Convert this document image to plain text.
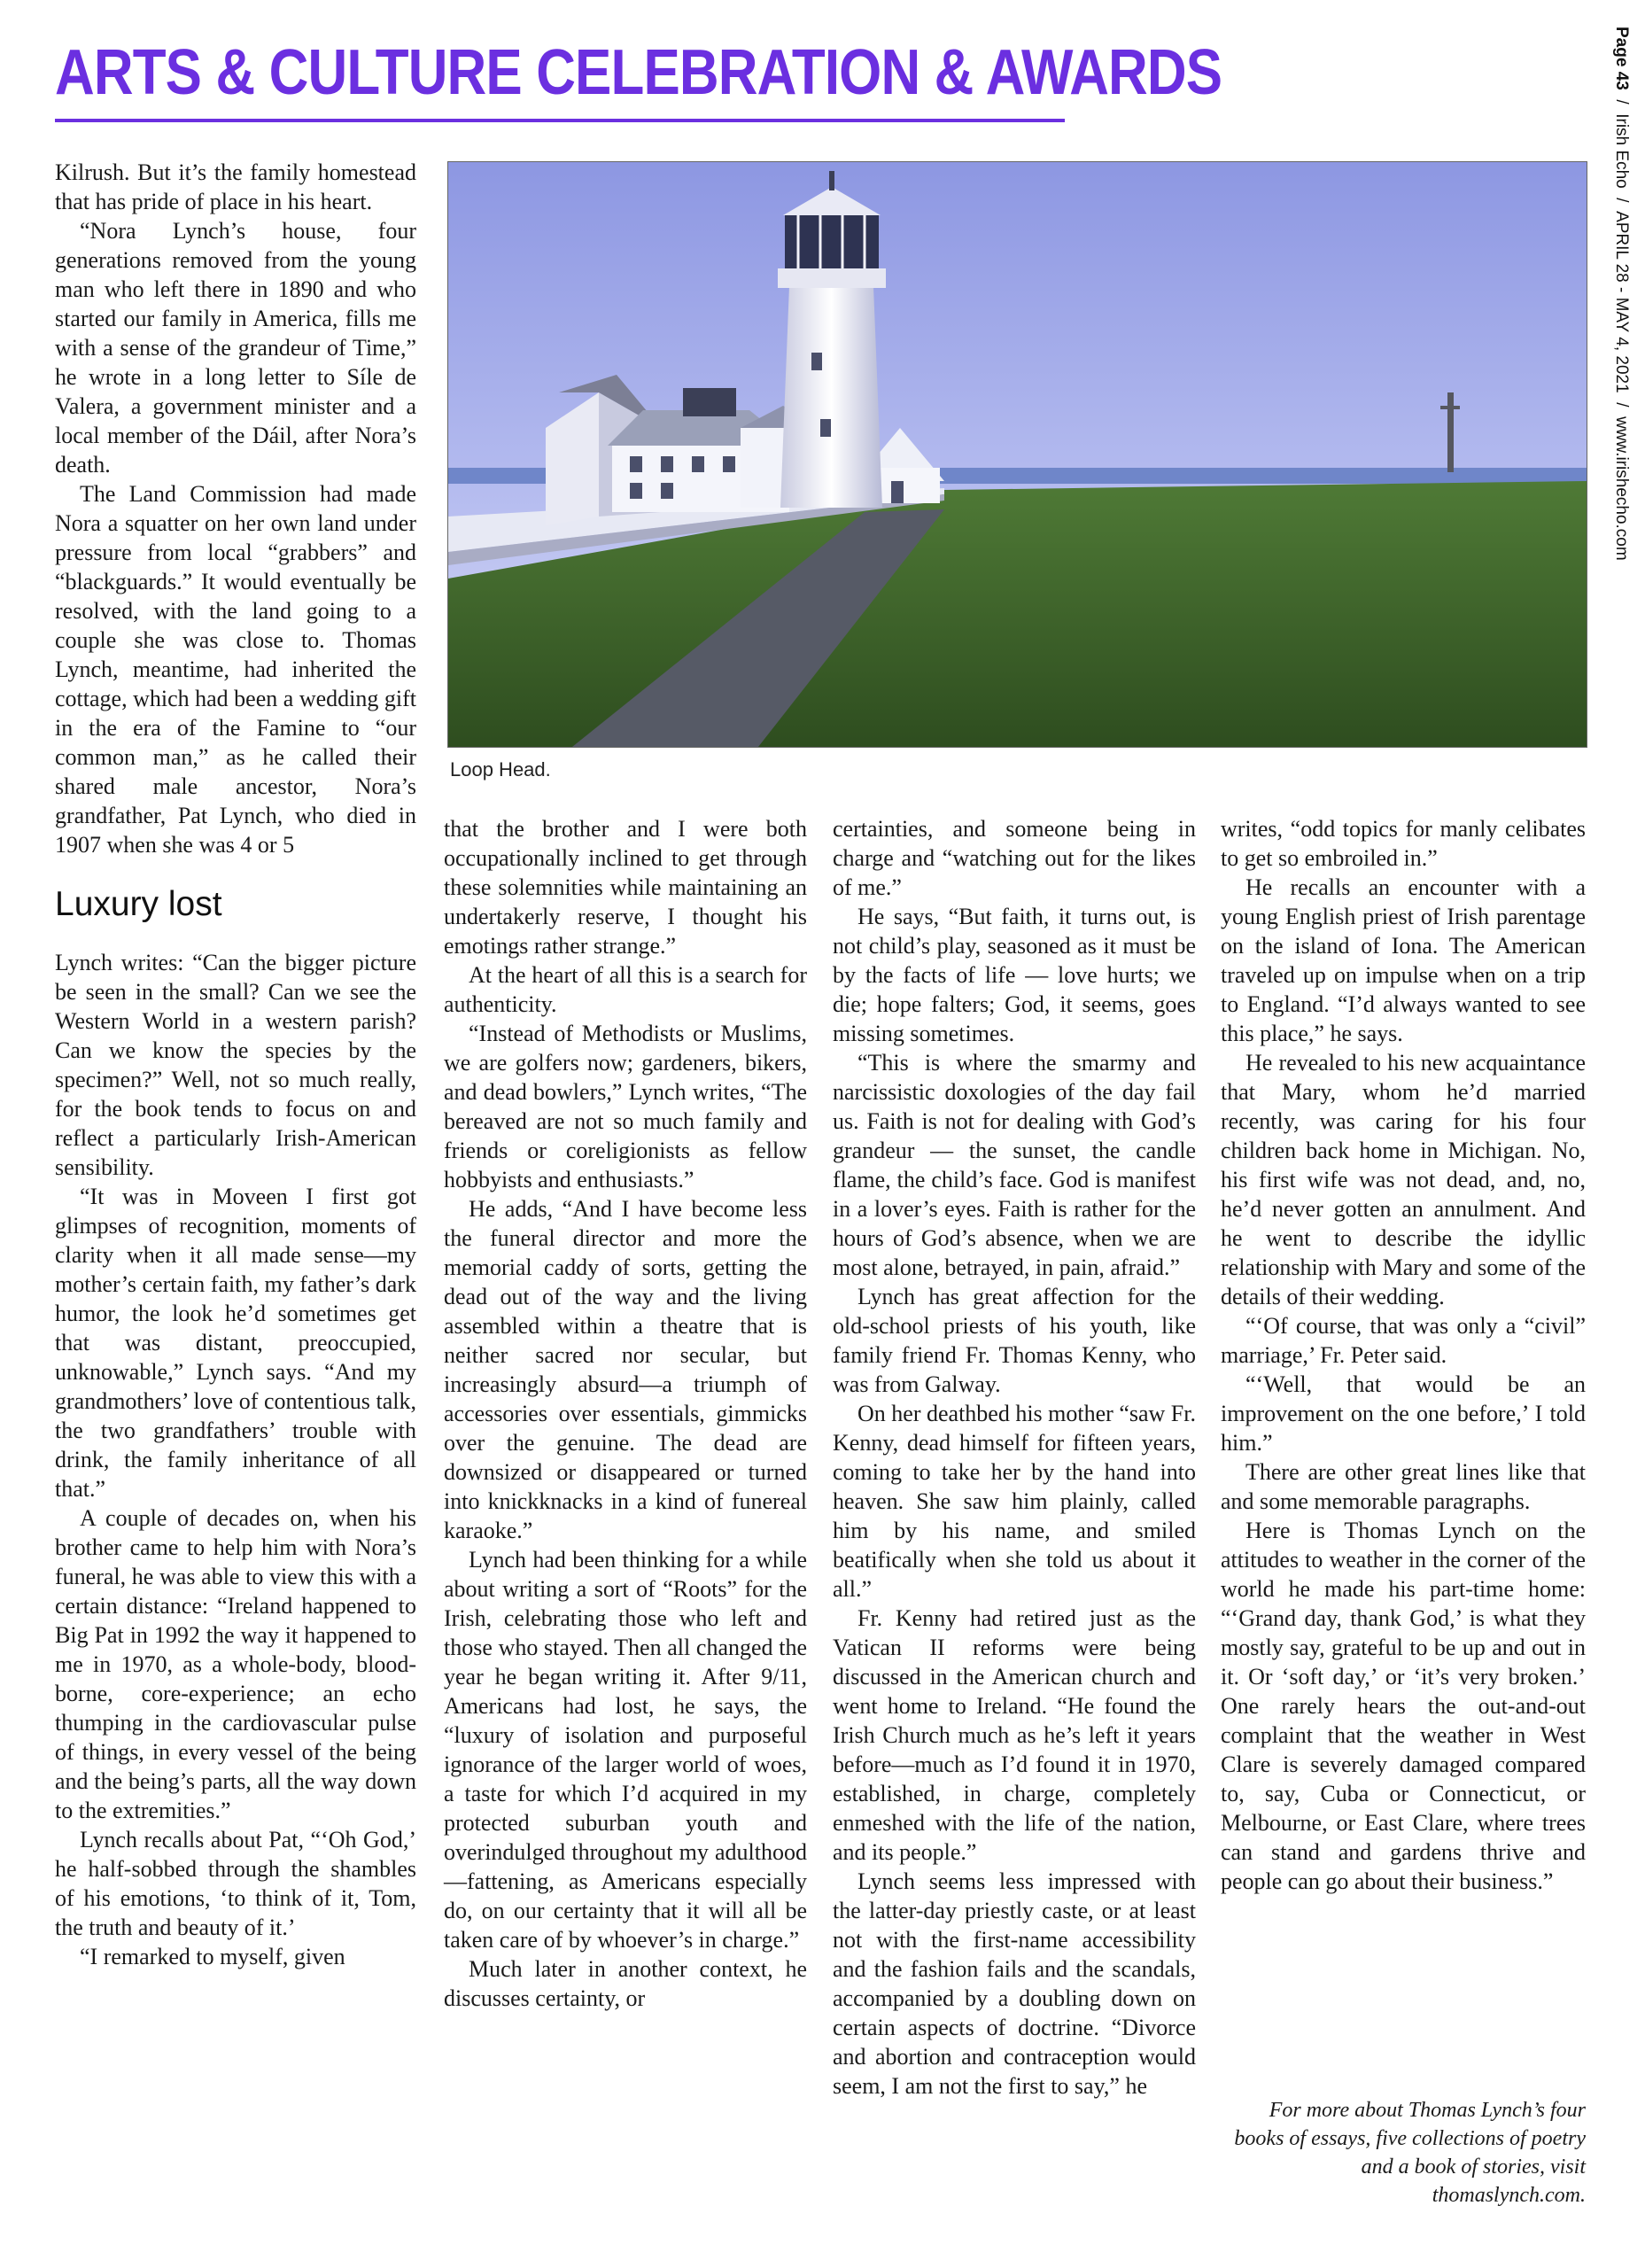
ARTS & CULTURE CELEBRATION & AWARDS	Page 43  /  Irish Echo  /  APRIL 28 - MAY 4, 2021  /  www.irishecho.com
Loop Head.

Kilrush. But it’s the family homestead that has pride of place in his heart.

“Nora Lynch’s house, four generations removed from the young man who left there in 1890 and who started our family in America, fills me with a sense of the grandeur of Time,” he wrote in a long letter to Síle de Valera, a government minister and a local member of the Dáil, after Nora’s death.

The Land Commission had made Nora a squatter on her own land under pressure from local “grabbers” and “blackguards.” It would eventually be resolved, with the land going to a couple she was close to. Thomas Lynch, meantime, had inherited the cottage, which had been a wedding gift in the era of the Famine to “our common man,” as he called their shared male ancestor, Nora’s grandfather, Pat Lynch, who died in 1907 when she was 4 or 5

Luxury lost

Lynch writes: “Can the bigger picture be seen in the small? Can we see the Western World in a western parish? Can we know the species by the specimen?” Well, not so much really, for the book tends to focus on and reflect a particularly Irish-American sensibility.

“It was in Moveen I first got glimpses of recognition, moments of clarity when it all made sense—my mother’s certain faith, my father’s dark humor, the look he’d sometimes get that was distant, preoccupied, unknowable,” Lynch says. “And my grandmothers’ love of contentious talk, the two grandfathers’ trouble with drink, the family inheritance of all that.”

A couple of decades on, when his brother came to help him with Nora’s funeral, he was able to view this with a certain distance: “Ireland happened to Big Pat in 1992 the way it happened to me in 1970, as a whole-body, blood-borne, core-experience; an echo thumping in the cardiovascular pulse of things, in every vessel of the being and the being’s parts, all the way down to the extremities.”

Lynch recalls about Pat, “‘Oh God,’ he half-sobbed through the shambles of his emotions, ‘to think of it, Tom, the truth and beauty of it.’

“I remarked to myself, given

that the brother and I were both occupationally inclined to get through these solemnities while maintaining an undertakerly reserve, I thought his emotings rather strange.”

At the heart of all this is a search for authenticity.

“Instead of Methodists or Muslims, we are golfers now; gardeners, bikers, and dead bowlers,” Lynch writes, “The bereaved are not so much family and friends or coreligionists as fellow hobbyists and enthusiasts.”

He adds, “And I have become less the funeral director and more the memorial caddy of sorts, getting the dead out of the way and the living assembled within a theatre that is neither sacred nor secular, but increasingly absurd—a triumph of accessories over essentials, gimmicks over the genuine. The dead are downsized or disappeared or turned into knickknacks in a kind of funereal karaoke.”

Lynch had been thinking for a while about writing a sort of “Roots” for the Irish, celebrating those who left and those who stayed. Then all changed the year he began writing it. After 9/11, Americans had lost, he says, the “luxury of isolation and purposeful ignorance of the larger world of woes, a taste for which I’d acquired in my protected suburban youth and overindulged throughout my adulthood—fattening, as Americans especially do, on our certainty that it will all be taken care of by whoever’s in charge.”

Much later in another context, he discusses certainty, or

certainties, and someone being in charge and “watching out for the likes of me.”

He says, “But faith, it turns out, is not child’s play, seasoned as it must be by the facts of life — love hurts; we die; hope falters; God, it seems, goes missing sometimes.

“This is where the smarmy and narcissistic doxologies of the day fail us. Faith is not for dealing with God’s grandeur — the sunset, the candle flame, the child’s face. God is manifest in a lover’s eyes. Faith is rather for the hours of God’s absence, when we are most alone, betrayed, in pain, afraid.”

Lynch has great affection for the old-school priests of his youth, like family friend Fr. Thomas Kenny, who was from Galway.

On her deathbed his mother “saw Fr. Kenny, dead himself for fifteen years, coming to take her by the hand into heaven. She saw him plainly, called him by his name, and smiled beatifically when she told us about it all.”

Fr. Kenny had retired just as the Vatican II reforms were being discussed in the American church and went home to Ireland. “He found the Irish Church much as he’s left it years before—much as I’d found it in 1970, established, in charge, completely enmeshed with the life of the nation, and its people.”

Lynch seems less impressed with the latter-day priestly caste, or at least not with the first-name accessibility and the fashion fails and the scandals, accompanied by a doubling down on certain aspects of doctrine. “Divorce and abortion and contraception would seem, I am not the first to say,” he

writes, “odd topics for manly celibates to get so embroiled in.”

He recalls an encounter with a young English priest of Irish parentage on the island of Iona. The American traveled up on impulse when on a trip to England. “I’d always wanted to see this place,” he says.

He revealed to his new acquaintance that Mary, whom he’d married recently, was caring for his four children back home in Michigan. No, his first wife was not dead, and, no, he’d never gotten an annulment. And he went to describe the idyllic relationship with Mary and some of the details of their wedding.

“‘Of course, that was only a “civil” marriage,’ Fr. Peter said.

“‘Well, that would be an improvement on the one before,’ I told him.”

There are other great lines like that and some memorable paragraphs.

Here is Thomas Lynch on the attitudes to weather in the corner of the world he made his part-time home: “‘Grand day, thank God,’ is what they mostly say, grateful to be up and out in it. Or ‘soft day,’ or ‘it’s very broken.’ One rarely hears the out-and-out complaint that the weather in West Clare is severely damaged compared to, say, Cuba or Connecticut, or Melbourne, or East Clare, where trees can stand and gardens thrive and people can go about their business.”

For more about Thomas Lynch’s four books of essays, five collections of poetry and a book of stories, visit thomaslynch.com.
